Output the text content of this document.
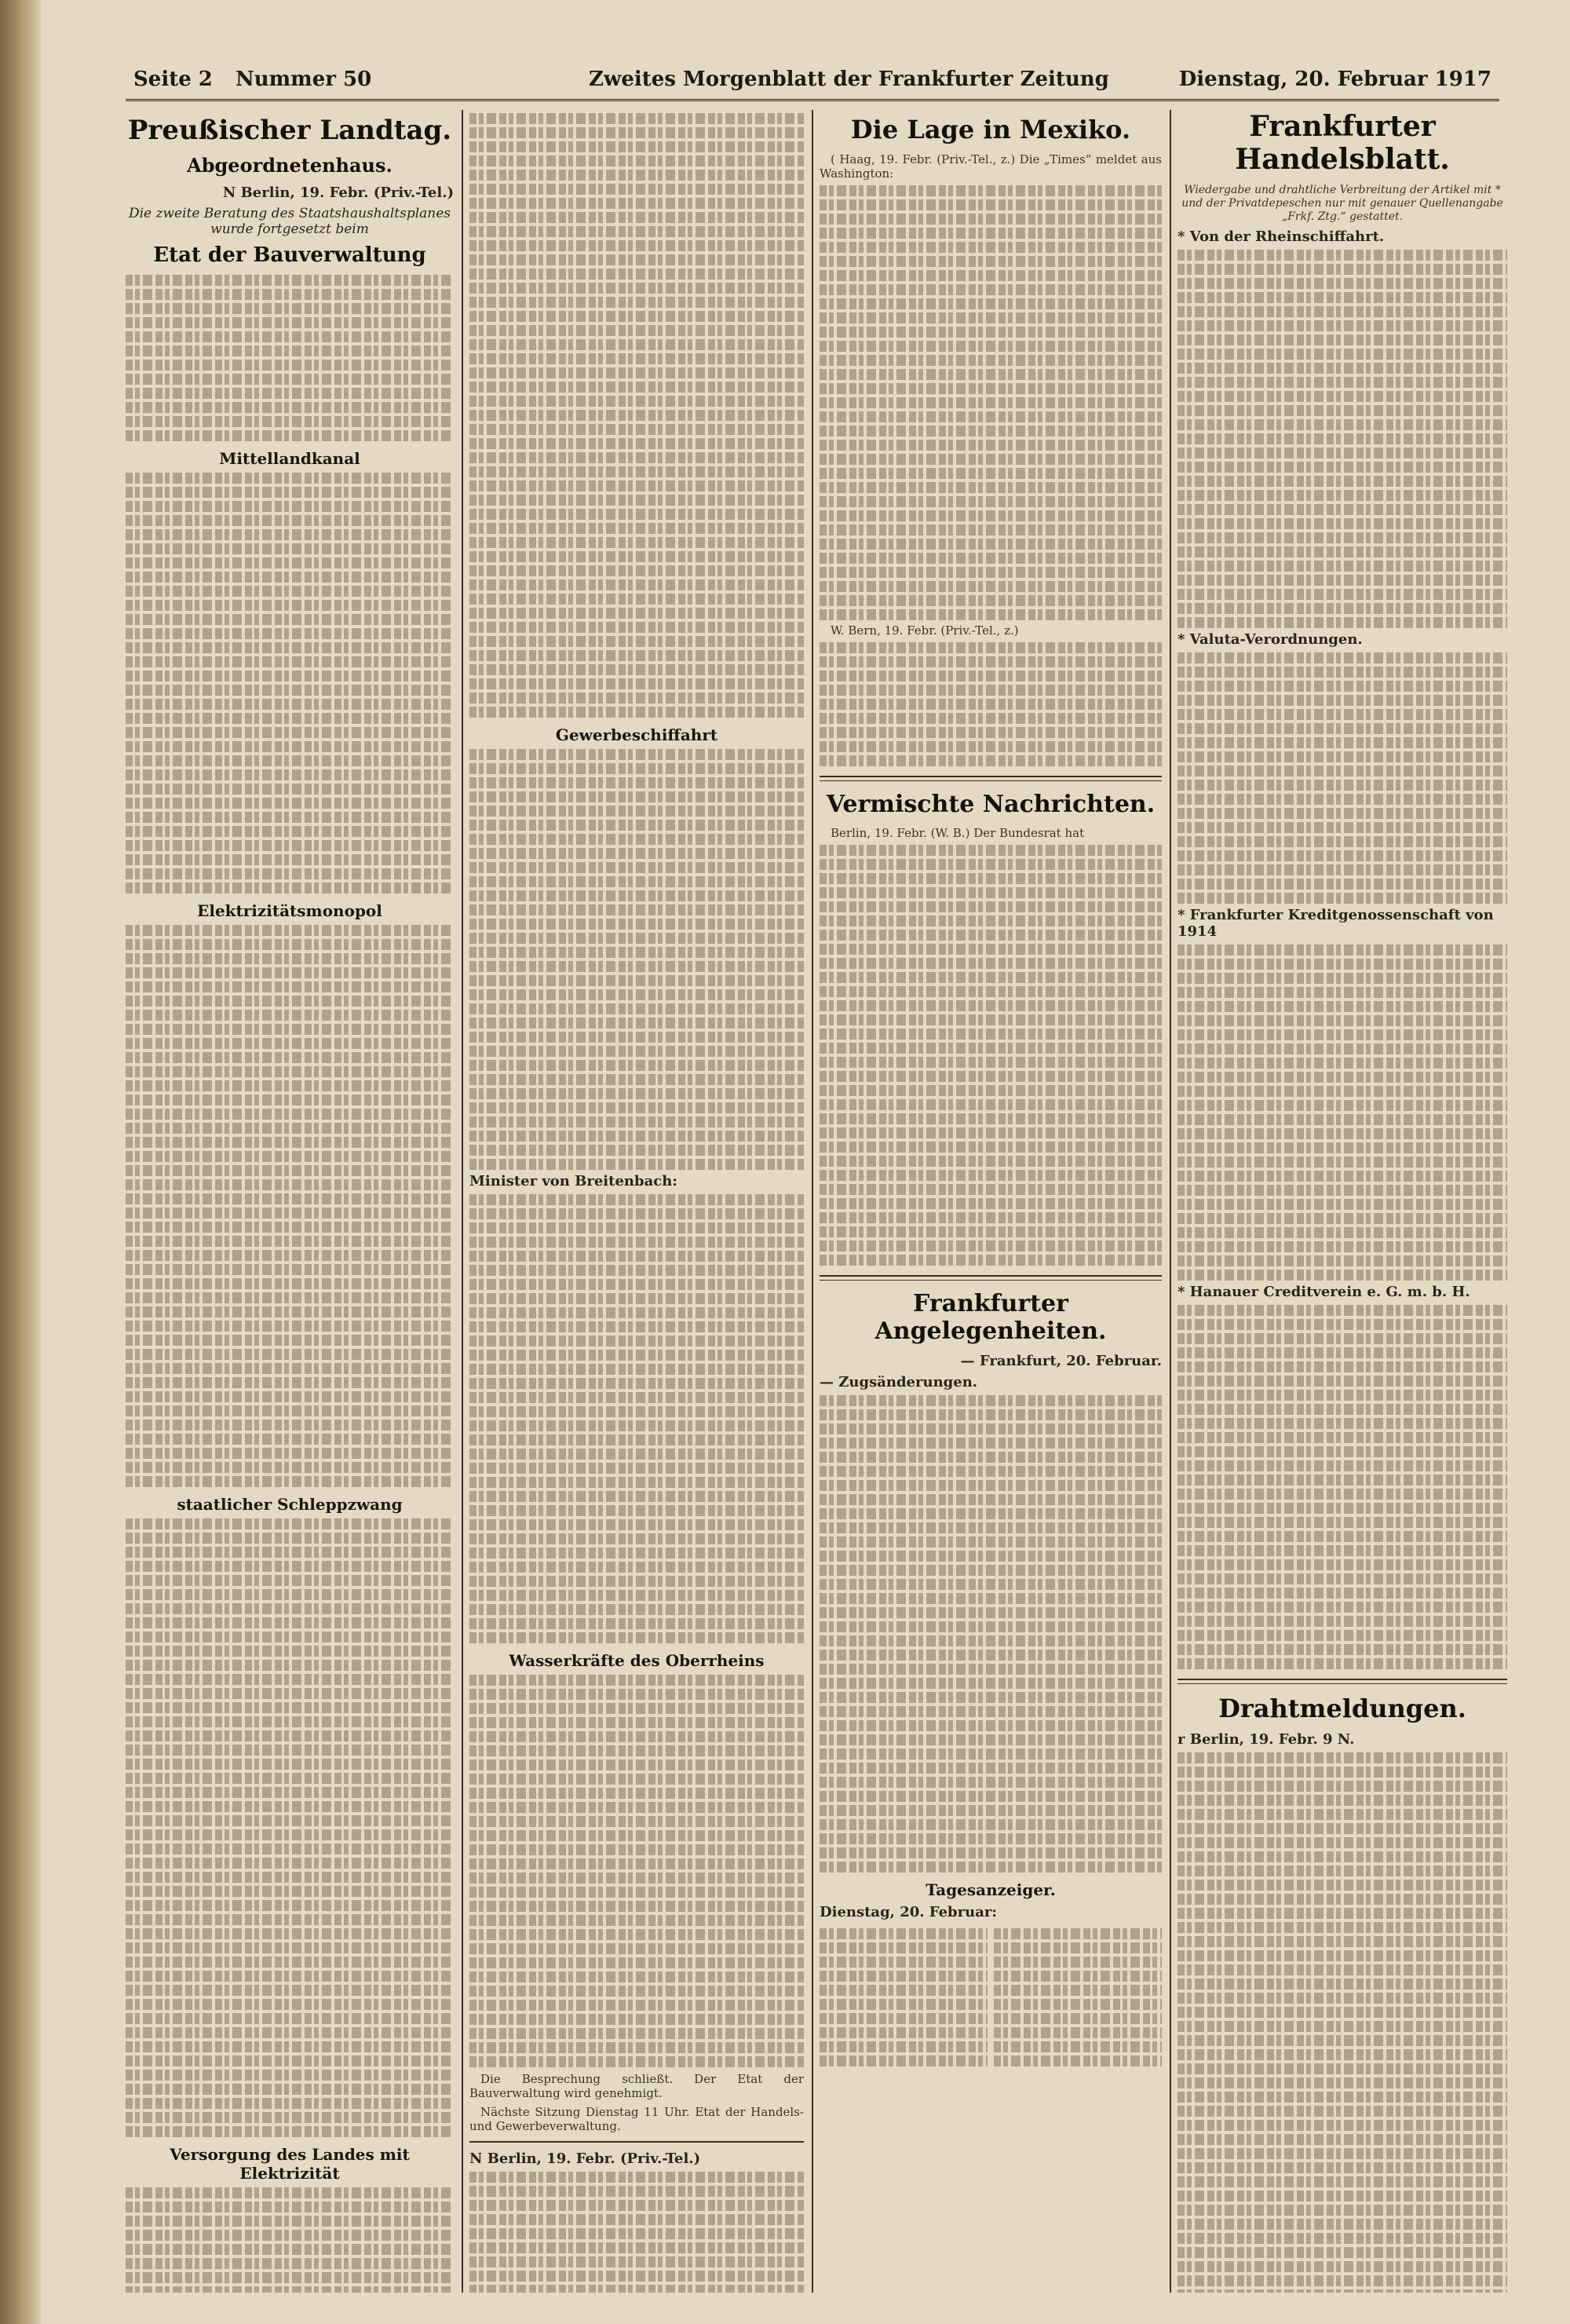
Seite 2 Nummer 50	Zweites Morgenblatt der Frankfurter Zeitung	Dienstag, 20. Februar 1917
Preußischer Landtag.
Abgeordnetenhaus.
N Berlin, 19. Febr. (Priv.-Tel.)
Die zweite Beratung des Staatshaushaltsplanes wurde fortgesetzt beim
Etat der Bauverwaltung
Mittellandkanal
Elektrizitätsmonopol
staatlicher Schleppzwang
Versorgung des Landes mit Elektrizität
Gewerbeschiffahrt
Minister von Breitenbach:
Wasserkräfte des Oberrheins

Die Besprechung schließt. Der Etat der Bauverwaltung wird genehmigt.

Nächste Sitzung Dienstag 11 Uhr. Etat der Handels- und Gewerbeverwaltung.

N Berlin, 19. Febr. (Priv.-Tel.)
Die Lage in Mexiko.

( Haag, 19. Febr. (Priv.-Tel., z.) Die „Times“ meldet aus Washington:

W. Bern, 19. Febr. (Priv.-Tel., z.)

Vermischte Nachrichten.

Berlin, 19. Febr. (W. B.) Der Bundesrat hat

Frankfurter Angelegenheiten.
— Frankfurt, 20. Februar.
— Zugsänderungen.
Tagesanzeiger.
Dienstag, 20. Februar:
Frankfurter Handelsblatt.

Wiedergabe und drahtliche Verbreitung der Artikel mit * und der Privatdepeschen nur mit genauer Quellenangabe „Frkf. Ztg.“ gestattet.

* Von der Rheinschiffahrt.
* Valuta-Verordnungen.
* Frankfurter Kreditgenossenschaft von 1914
* Hanauer Creditverein e. G. m. b. H.
Drahtmeldungen.
r Berlin, 19. Febr. 9 N.
